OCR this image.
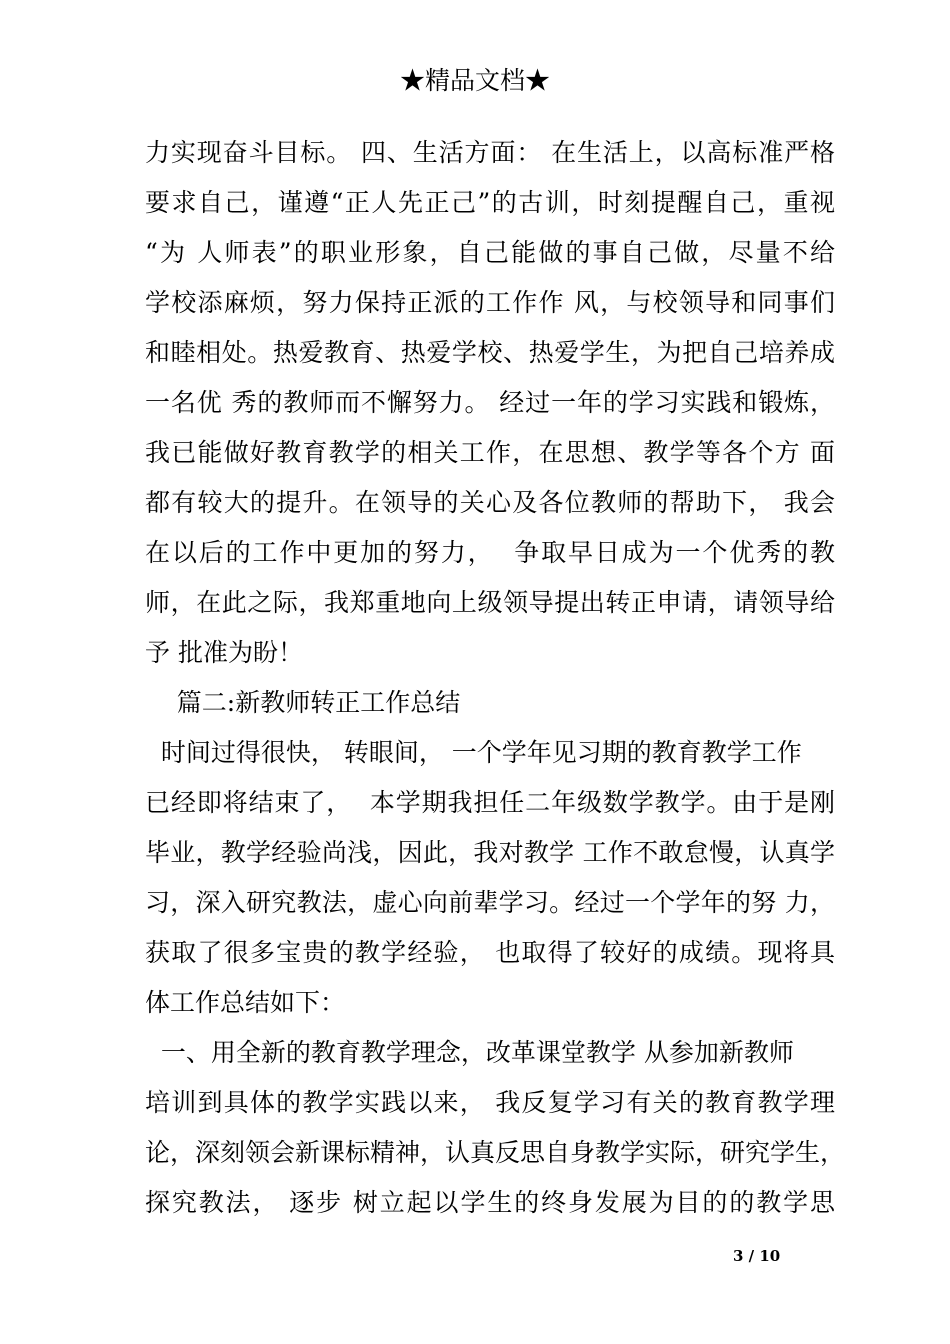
★精品文档★
力实现奋斗目标。 四、生活方面： 在生活上，以高标准严格
要求自己，谨遵“正人先正己”的古训，时刻提醒自己，重视
“为 人师表”的职业形象，自己能做的事自己做，尽量不给
学校添麻烦，努力保持正派的工作作 风，与校领导和同事们
和睦相处。热爱教育、热爱学校、热爱学生，为把自己培养成
一名优 秀的教师而不懈努力。 经过一年的学习实践和锻炼，
我已能做好教育教学的相关工作，在思想、教学等各个方 面
都有较大的提升。在领导的关心及各位教师的帮助下， 我会
在以后的工作中更加的努力，  争取早日成为一个优秀的教
师，在此之际，我郑重地向上级领导提出转正申请，请领导给
予 批准为盼！
篇二:新教师转正工作总结
时间过得很快， 转眼间， 一个学年见习期的教育教学工作
已经即将结束了，  本学期我担任二年级数学教学。由于是刚
毕业，教学经验尚浅，因此，我对教学 工作不敢怠慢，认真学
习，深入研究教法，虚心向前辈学习。经过一个学年的努 力，
获取了很多宝贵的教学经验， 也取得了较好的成绩。现将具
体工作总结如下：
一、用全新的教育教学理念，改革课堂教学 从参加新教师
培训到具体的教学实践以来， 我反复学习有关的教育教学理
论，深刻领会新课标精神，认真反思自身教学实际，研究学生，
探究教法， 逐步 树立起以学生的终身发展为目的的教学思
3 / 10
